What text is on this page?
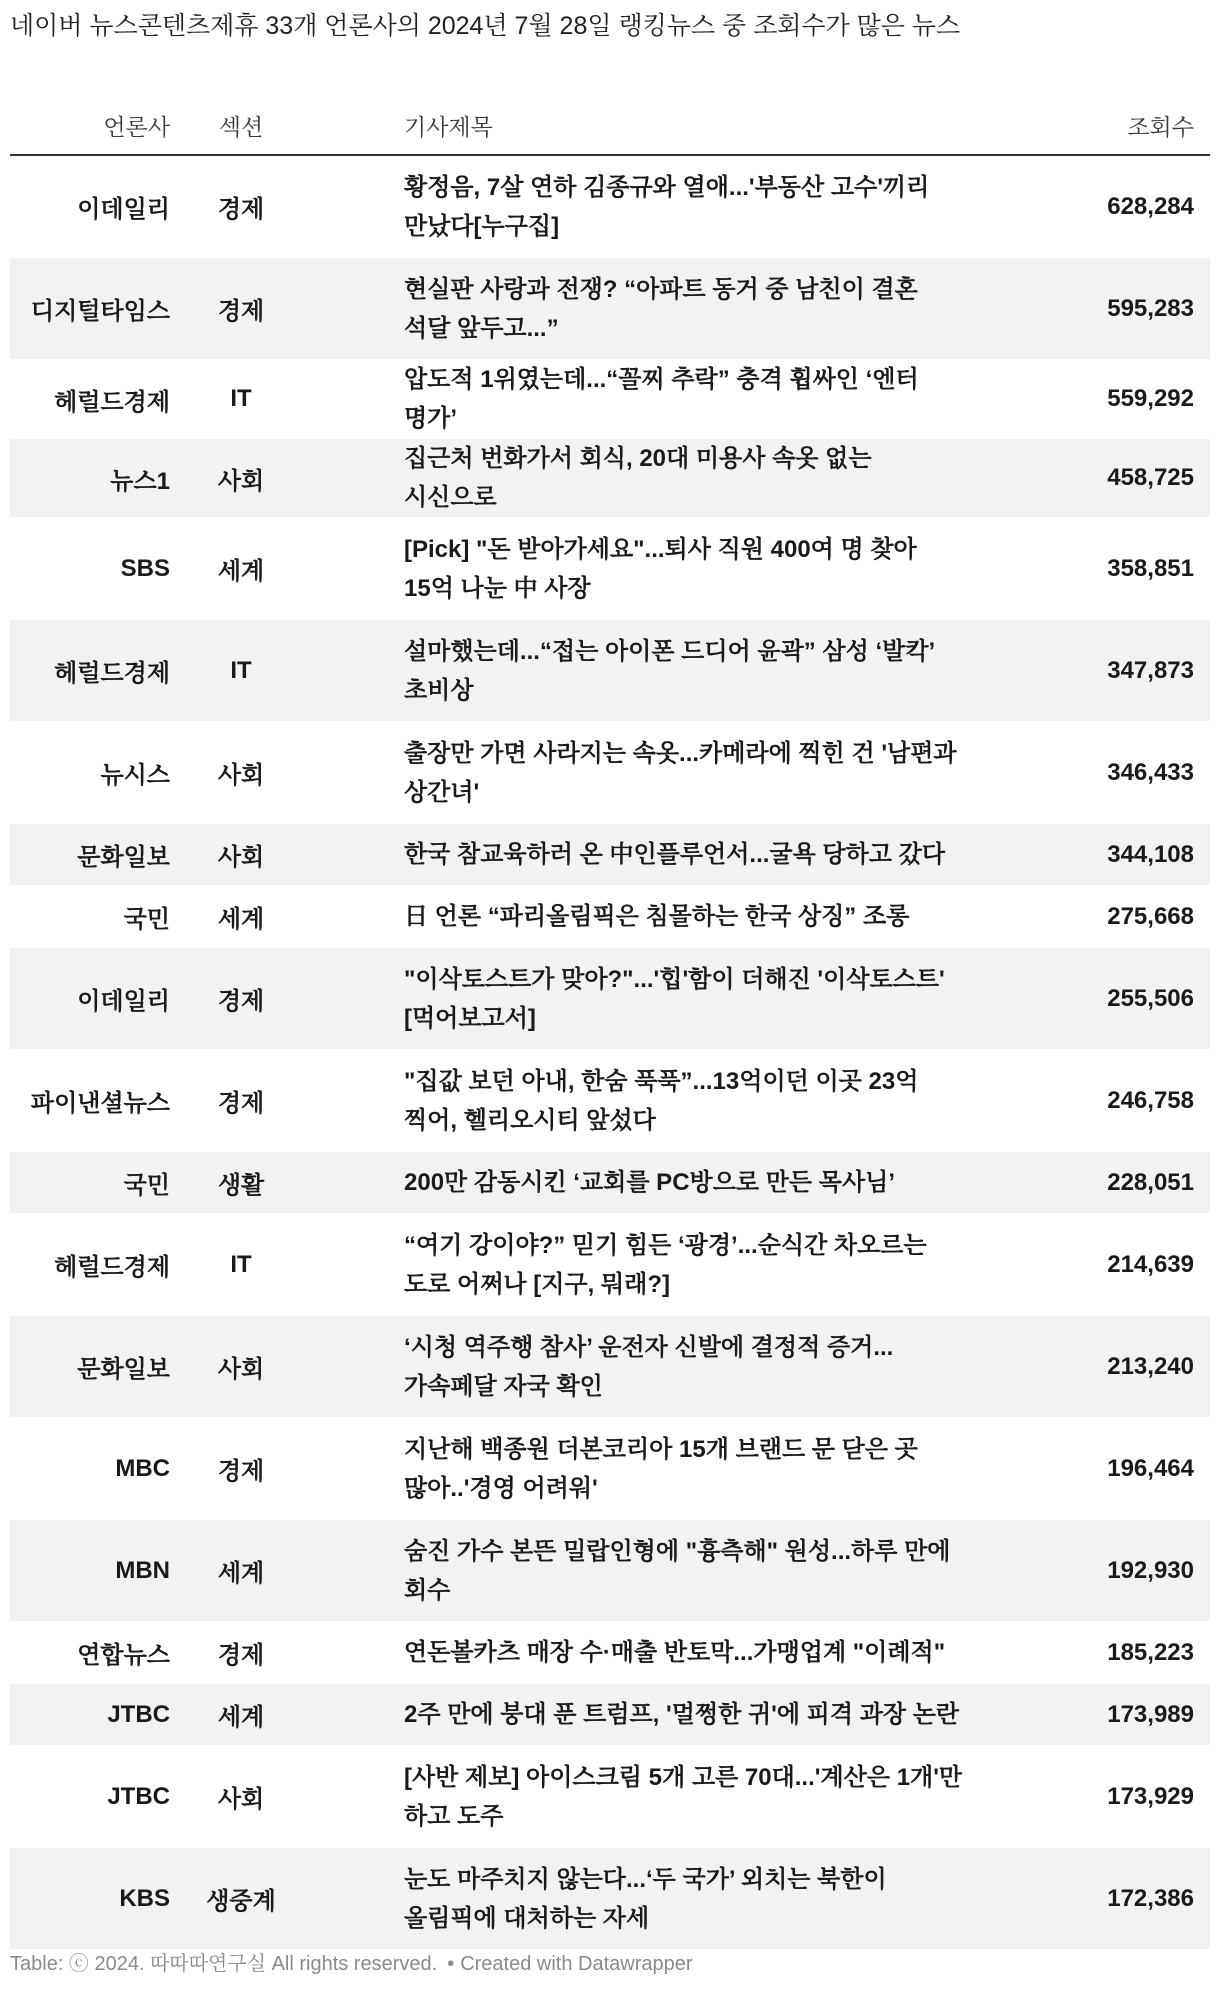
네이버 뉴스콘텐츠제휴 33개 언론사의 2024년 7월 28일 랭킹뉴스 중 조회수가 많은 뉴스
언론사	섹션	기사제목	조회수
이데일리	경제	황정음, 7살 연하 김종규와 열애...'부동산 고수'끼리 만났다[누구집]	628,284
디지털타임스	경제	현실판 사랑과 전쟁? “아파트 동거 중 남친이 결혼 석달 앞두고...”	595,283
헤럴드경제	IT	압도적 1위였는데...“꼴찌 추락” 충격 휩싸인 ‘엔터 명가’	559,292
뉴스1	사회	집근처 번화가서 회식, 20대 미용사 속옷 없는 시신으로	458,725
SBS	세계	[Pick] "돈 받아가세요"...퇴사 직원 400여 명 찾아 15억 나눈 中 사장	358,851
헤럴드경제	IT	설마했는데...“접는 아이폰 드디어 윤곽” 삼성 ‘발칵’ 초비상	347,873
뉴시스	사회	출장만 가면 사라지는 속옷...카메라에 찍힌 건 '남편과 상간녀'	346,433
문화일보	사회	한국 참교육하러 온 中인플루언서...굴욕 당하고 갔다	344,108
국민	세계	日 언론 “파리올림픽은 침몰하는 한국 상징” 조롱	275,668
이데일리	경제	"이삭토스트가 맞아?"...'힙'함이 더해진 '이삭토스트' [먹어보고서]	255,506
파이낸셜뉴스	경제	"집값 보던 아내, 한숨 푹푹”...13억이던 이곳 23억 찍어, 헬리오시티 앞섰다	246,758
국민	생활	200만 감동시킨 ‘교회를 PC방으로 만든 목사님’	228,051
헤럴드경제	IT	“여기 강이야?” 믿기 힘든 ‘광경’...순식간 차오르는 도로 어쩌나 [지구, 뭐래?]	214,639
문화일보	사회	‘시청 역주행 참사’ 운전자 신발에 결정적 증거...가속페달 자국 확인	213,240
MBC	경제	지난해 백종원 더본코리아 15개 브랜드 문 닫은 곳 많아..'경영 어려워'	196,464
MBN	세계	숨진 가수 본뜬 밀랍인형에 "흉측해" 원성...하루 만에 회수	192,930
연합뉴스	경제	연돈볼카츠 매장 수·매출 반토막...가맹업계 "이례적"	185,223
JTBC	세계	2주 만에 붕대 푼 트럼프, '멀쩡한 귀'에 피격 과장 논란	173,989
JTBC	사회	[사반 제보] 아이스크림 5개 고른 70대...'계산은 1개'만 하고 도주	173,929
KBS	생중계	눈도 마주치지 않는다...‘두 국가’ 외치는 북한이 올림픽에 대처하는 자세	172,386
Table: ⓒ 2024. 따따따연구실 All rights reserved. • Created with Datawrapper
